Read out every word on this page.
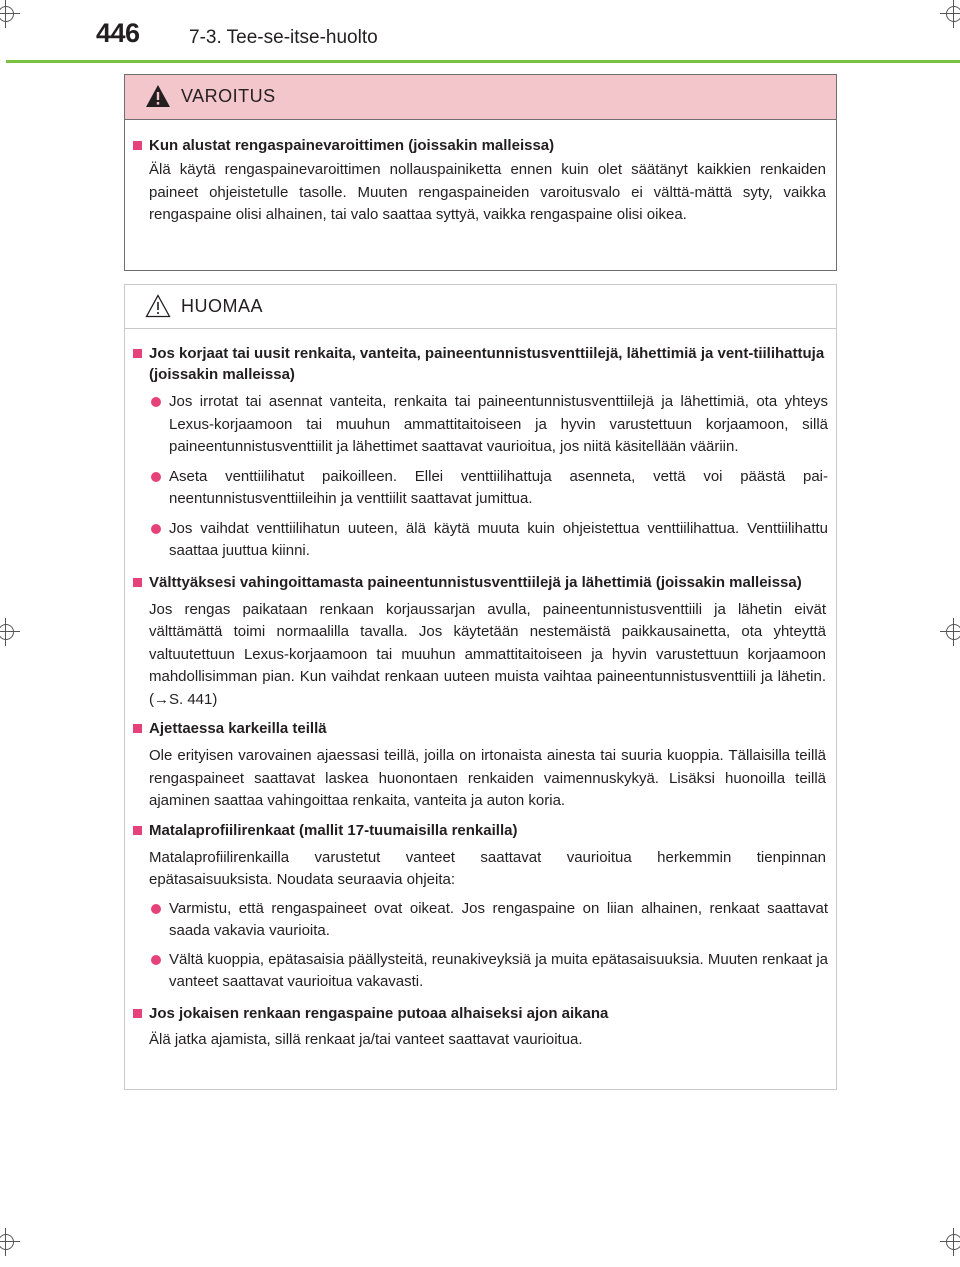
446	7-3. Tee-se-itse-huolto
VAROITUS
Kun alustat rengaspainevaroittimen (joissakin malleissa)
Älä käytä rengaspainevaroittimen nollauspainiketta ennen kuin olet säätänyt kaikkien renkaiden paineet ohjeistetulle tasolle. Muuten rengaspaineiden varoitusvalo ei välttä-mättä syty, vaikka rengaspaine olisi alhainen, tai valo saattaa syttyä, vaikka rengaspaine olisi oikea.
HUOMAA
Jos korjaat tai uusit renkaita, vanteita, paineentunnistusventtiilejä, lähettimiä ja vent-tiilihattuja (joissakin malleissa)
Jos irrotat tai asennat vanteita, renkaita tai paineentunnistusventtiilejä ja lähettimiä, ota yhteys Lexus-korjaamoon tai muuhun ammattitaitoiseen ja hyvin varustettuun korjaamoon, sillä paineentunnistusventtiilit ja lähettimet saattavat vaurioitua, jos niitä käsitellään vääriin.
Aseta venttiilihatut paikoilleen. Ellei venttiilihattuja asenneta, vettä voi päästä pai-neentunnistusventtiileihin ja venttiilit saattavat jumittua.
Jos vaihdat venttiilihatun uuteen, älä käytä muuta kuin ohjeistettua venttiilihattua. Venttiilihattu saattaa juuttua kiinni.
Välttyäksesi vahingoittamasta paineentunnistusventtiilejä ja lähettimiä (joissakin malleissa)
Jos rengas paikataan renkaan korjaussarjan avulla, paineentunnistusventtiili ja lähetin eivät välttämättä toimi normaalilla tavalla. Jos käytetään nestemäistä paikkausainetta, ota yhteyttä valtuutettuun Lexus-korjaamoon tai muuhun ammattitaitoiseen ja hyvin varustettuun korjaamoon mahdollisimman pian. Kun vaihdat renkaan uuteen muista vaihtaa paineentunnistusventtiili ja lähetin. (→S. 441)
Ajettaessa karkeilla teillä
Ole erityisen varovainen ajaessasi teillä, joilla on irtonaista ainesta tai suuria kuoppia. Tällaisilla teillä rengaspaineet saattavat laskea huonontaen renkaiden vaimennuskykyä. Lisäksi huonoilla teillä ajaminen saattaa vahingoittaa renkaita, vanteita ja auton koria.
Matalaprofiilirenkaat (mallit 17-tuumaisilla renkailla)
Matalaprofiilirenkailla varustetut vanteet saattavat vaurioitua herkemmin tienpinnan epätasaisuuksista. Noudata seuraavia ohjeita:
Varmistu, että rengaspaineet ovat oikeat. Jos rengaspaine on liian alhainen, renkaat saattavat saada vakavia vaurioita.
Vältä kuoppia, epätasaisia päällysteitä, reunakiveyksiä ja muita epätasaisuuksia. Muuten renkaat ja vanteet saattavat vaurioitua vakavasti.
Jos jokaisen renkaan rengaspaine putoaa alhaiseksi ajon aikana
Älä jatka ajamista, sillä renkaat ja/tai vanteet saattavat vaurioitua.
